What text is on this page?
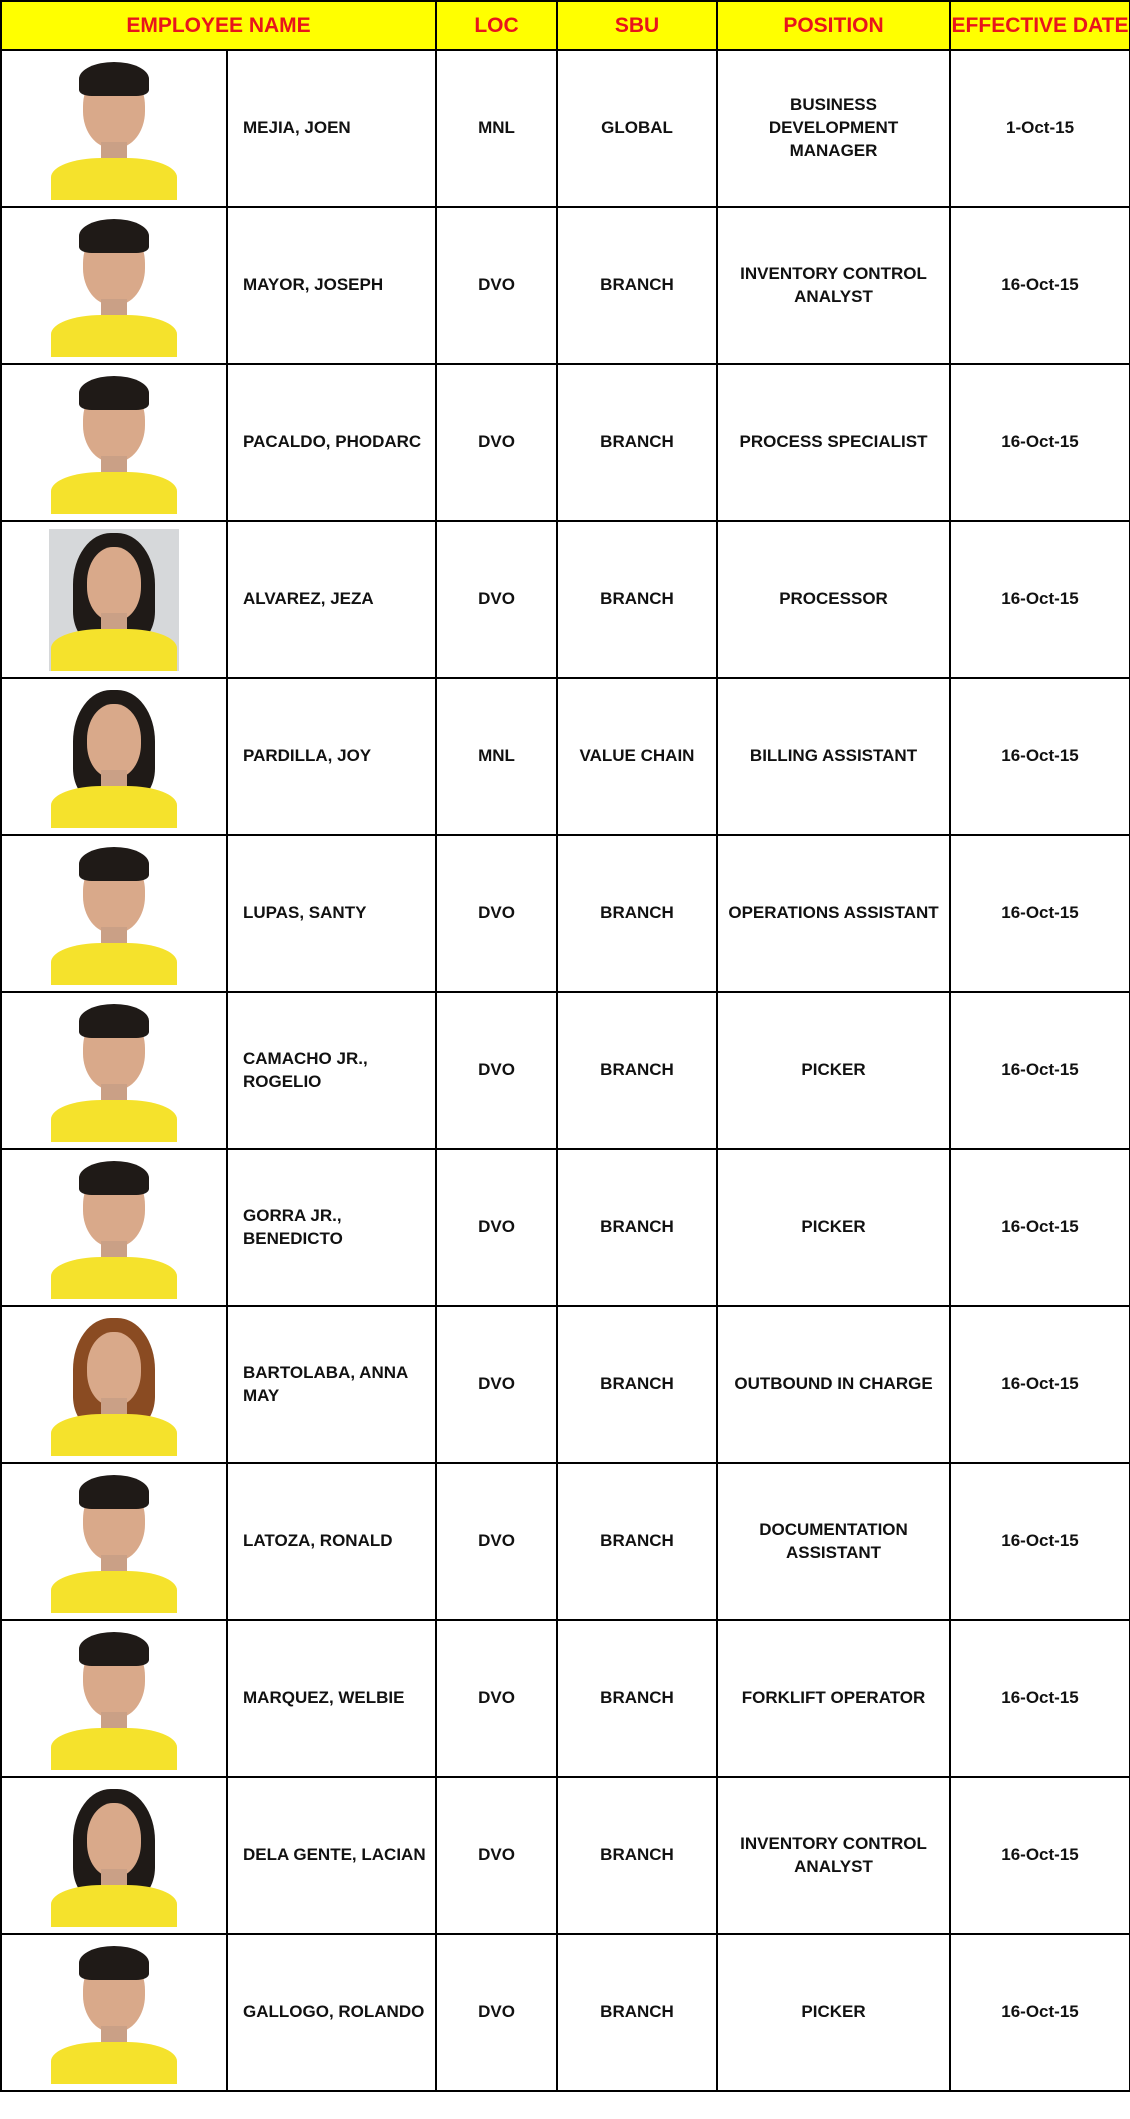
EMPLOYEE NAME		LOC	SBU	POSITION	EFFECTIVE DATE

	MEJIA, JOEN	MNL	GLOBAL	BUSINESS DEVELOPMENT MANAGER	1-Oct-15

	MAYOR, JOSEPH	DVO	BRANCH	INVENTORY CONTROL ANALYST	16-Oct-15

	PACALDO, PHODARC	DVO	BRANCH	PROCESS SPECIALIST	16-Oct-15

	ALVAREZ, JEZA	DVO	BRANCH	PROCESSOR	16-Oct-15

	PARDILLA, JOY	MNL	VALUE CHAIN	BILLING ASSISTANT	16-Oct-15

	LUPAS, SANTY	DVO	BRANCH	OPERATIONS ASSISTANT	16-Oct-15

	CAMACHO JR., ROGELIO	DVO	BRANCH	PICKER	16-Oct-15

	GORRA JR., BENEDICTO	DVO	BRANCH	PICKER	16-Oct-15

	BARTOLABA, ANNA MAY	DVO	BRANCH	OUTBOUND IN CHARGE	16-Oct-15

	LATOZA, RONALD	DVO	BRANCH	DOCUMENTATION ASSISTANT	16-Oct-15

	MARQUEZ, WELBIE	DVO	BRANCH	FORKLIFT OPERATOR	16-Oct-15

	DELA GENTE, LACIAN	DVO	BRANCH	INVENTORY CONTROL ANALYST	16-Oct-15

	GALLOGO, ROLANDO	DVO	BRANCH	PICKER	16-Oct-15
